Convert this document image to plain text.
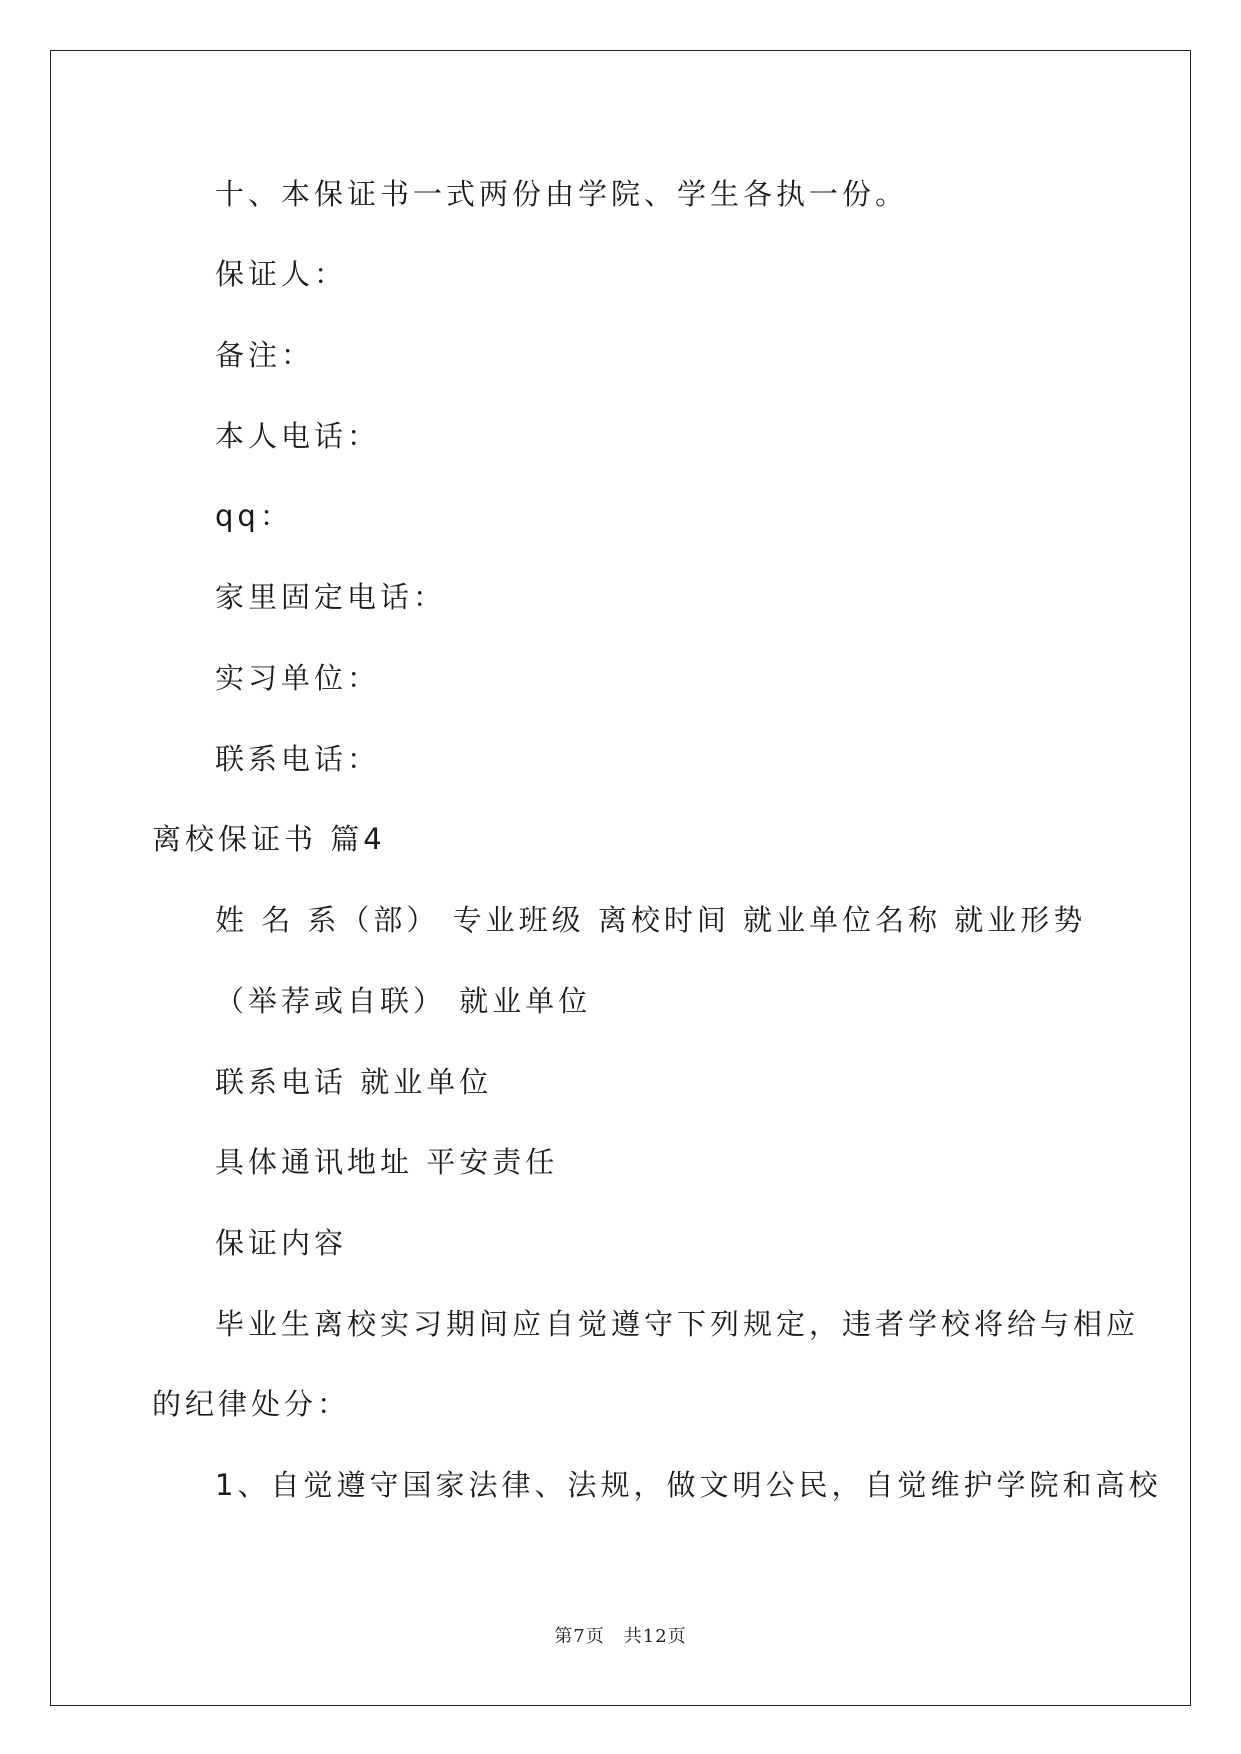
十、本保证书一式两份由学院、学生各执一份。
保证人：
备注：
本人电话：
qq：
家里固定电话：
实习单位：
联系电话：
离校保证书 篇4
姓 名 系（部） 专业班级 离校时间 就业单位名称 就业形势
（举荐或自联） 就业单位
联系电话 就业单位
具体通讯地址 平安责任
保证内容
毕业生离校实习期间应自觉遵守下列规定，违者学校将给与相应
的纪律处分：
1、自觉遵守国家法律、法规，做文明公民，自觉维护学院和高校
第7页　共12页
